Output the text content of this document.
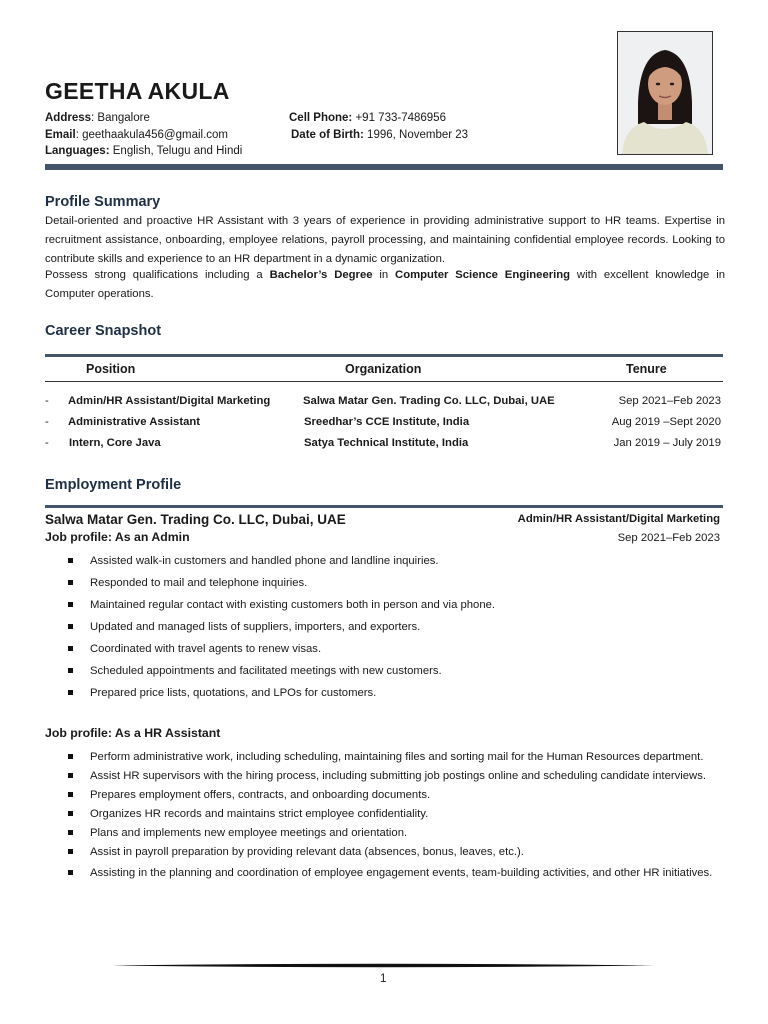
GEETHA AKULA
Address: Bangalore
Email: geethaakula456@gmail.com
Languages: English, Telugu and Hindi
Cell Phone: +91 733-7486956
Date of Birth: 1996, November 23
Profile Summary

Detail-oriented and proactive HR Assistant with 3 years of experience in providing administrative support to HR teams. Expertise in recruitment assistance, onboarding, employee relations, payroll processing, and maintaining confidential employee records. Looking to contribute skills and experience to an HR department in a dynamic organization.

Possess strong qualifications including a Bachelor’s Degree in Computer Science Engineering with excellent knowledge in Computer operations.

Career Snapshot
Position	Organization	Tenure
- Admin/HR Assistant/Digital Marketing	Salwa Matar Gen. Trading Co. LLC, Dubai, UAE	Sep 2021–Feb 2023
- Administrative Assistant	Sreedhar’s CCE Institute, India	Aug 2019 –Sept 2020
- Intern, Core Java	Satya Technical Institute, India	Jan 2019 – July 2019
Employment Profile
Salwa Matar Gen. Trading Co. LLC, Dubai, UAE	Admin/HR Assistant/Digital Marketing
Job profile: As an Admin	Sep 2021–Feb 2023
Assisted walk-in customers and handled phone and landline inquiries.
Responded to mail and telephone inquiries.
Maintained regular contact with existing customers both in person and via phone.
Updated and managed lists of suppliers, importers, and exporters.
Coordinated with travel agents to renew visas.
Scheduled appointments and facilitated meetings with new customers.
Prepared price lists, quotations, and LPOs for customers.
Job profile: As a HR Assistant
Perform administrative work, including scheduling, maintaining files and sorting mail for the Human Resources department.
Assist HR supervisors with the hiring process, including submitting job postings online and scheduling candidate interviews.
Prepares employment offers, contracts, and onboarding documents.
Organizes HR records and maintains strict employee confidentiality.
Plans and implements new employee meetings and orientation.
Assist in payroll preparation by providing relevant data (absences, bonus, leaves, etc.).
Assisting in the planning and coordination of employee engagement events, team-building activities, and other HR initiatives.
1
